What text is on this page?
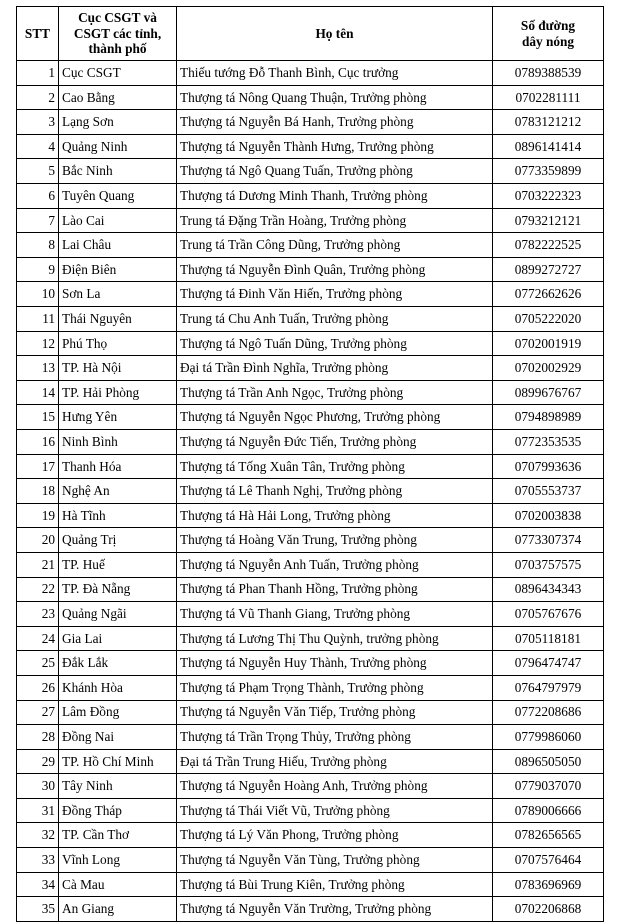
STT	Cục CSGT và
CSGT các tỉnh,
thành phố	Họ tên	Số đường
dây nóng

1	Cục CSGT	Thiếu tướng Đỗ Thanh Bình, Cục trưởng	0789388539
2	Cao Bằng	Thượng tá Nông Quang Thuận, Trưởng phòng	0702281111
3	Lạng Sơn	Thượng tá Nguyễn Bá Hanh, Trưởng phòng	0783121212
4	Quảng Ninh	Thượng tá Nguyễn Thành Hưng, Trưởng phòng	0896141414
5	Bắc Ninh	Thượng tá Ngô Quang Tuấn, Trưởng phòng	0773359899
6	Tuyên Quang	Thượng tá Dương Minh Thanh, Trưởng phòng	0703222323
7	Lào Cai	Trung tá Đặng Trần Hoàng, Trưởng phòng	0793212121
8	Lai Châu	Trung tá Trần Công Dũng, Trưởng phòng	0782222525
9	Điện Biên	Thượng tá Nguyễn Đình Quân, Trưởng phòng	0899272727
10	Sơn La	Thượng tá Đinh Văn Hiến, Trưởng phòng	0772662626
11	Thái Nguyên	Trung tá Chu Anh Tuấn, Trưởng phòng	0705222020
12	Phú Thọ	Thượng tá Ngô Tuấn Dũng, Trưởng phòng	0702001919
13	TP. Hà Nội	Đại tá Trần Đình Nghĩa, Trưởng phòng	0702002929
14	TP. Hải Phòng	Thượng tá Trần Anh Ngọc, Trưởng phòng	0899676767
15	Hưng Yên	Thượng tá Nguyễn Ngọc Phương, Trưởng phòng	0794898989
16	Ninh Bình	Thượng tá Nguyễn Đức Tiến, Trưởng phòng	0772353535
17	Thanh Hóa	Thượng tá Tống Xuân Tân, Trưởng phòng	0707993636
18	Nghệ An	Thượng tá Lê Thanh Nghị, Trưởng phòng	0705553737
19	Hà Tĩnh	Thượng tá Hà Hải Long, Trưởng phòng	0702003838
20	Quảng Trị	Thượng tá Hoàng Văn Trung, Trưởng phòng	0773307374
21	TP. Huế	Thượng tá Nguyễn Anh Tuấn, Trưởng phòng	0703757575
22	TP. Đà Nẵng	Thượng tá Phan Thanh Hồng, Trưởng phòng	0896434343
23	Quảng Ngãi	Thượng tá Vũ Thanh Giang, Trưởng phòng	0705767676
24	Gia Lai	Thượng tá Lương Thị Thu Quỳnh, trưởng phòng	0705118181
25	Đắk Lắk	Thượng tá Nguyễn Huy Thành, Trưởng phòng	0796474747
26	Khánh Hòa	Thượng tá Phạm Trọng Thành, Trưởng phòng	0764797979
27	Lâm Đồng	Thượng tá Nguyễn Văn Tiếp, Trưởng phòng	0772208686
28	Đồng Nai	Thượng tá Trần Trọng Thủy, Trưởng phòng	0779986060
29	TP. Hồ Chí Minh	Đại tá Trần Trung Hiếu, Trưởng phòng	0896505050
30	Tây Ninh	Thượng tá Nguyễn Hoàng Anh, Trưởng phòng	0779037070
31	Đồng Tháp	Thượng tá Thái Viết Vũ, Trưởng phòng	0789006666
32	TP. Cần Thơ	Thượng tá Lý Văn Phong, Trưởng phòng	0782656565
33	Vĩnh Long	Thượng tá Nguyễn Văn Tùng, Trưởng phòng	0707576464
34	Cà Mau	Thượng tá Bùi Trung Kiên, Trưởng phòng	0783696969
35	An Giang	Thượng tá Nguyễn Văn Trường, Trưởng phòng	0702206868
